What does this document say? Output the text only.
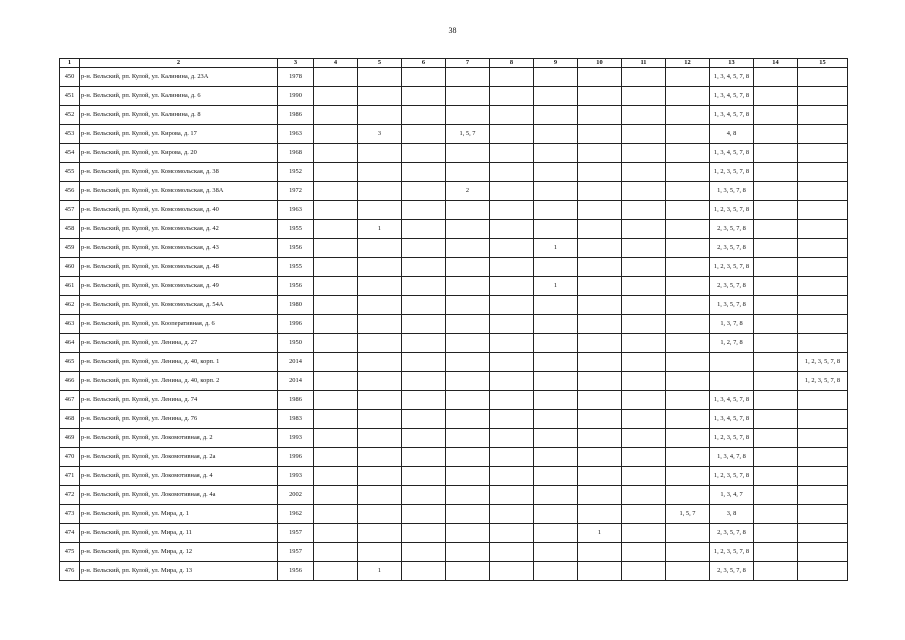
38
1	2	3	4	5	6	7	8	9	10	11	12	13	14	15
450	р-н. Вельский, рп. Кулой, ул. Калинина, д. 23А	1978										1, 3, 4, 5, 7, 8		
451	р-н. Вельский, рп. Кулой, ул. Калинина, д. 6	1990										1, 3, 4, 5, 7, 8		
452	р-н. Вельский, рп. Кулой, ул. Калинина, д. 8	1986										1, 3, 4, 5, 7, 8		
453	р-н. Вельский, рп. Кулой, ул. Кирова, д. 17	1963		3		1, 5, 7						4, 8		
454	р-н. Вельский, рп. Кулой, ул. Кирова, д. 20	1968										1, 3, 4, 5, 7, 8		
455	р-н. Вельский, рп. Кулой, ул. Комсомольская, д. 38	1952										1, 2, 3, 5, 7, 8		
456	р-н. Вельский, рп. Кулой, ул. Комсомольская, д. 38А	1972				2						1, 3, 5, 7, 8		
457	р-н. Вельский, рп. Кулой, ул. Комсомольская, д. 40	1963										1, 2, 3, 5, 7, 8		
458	р-н. Вельский, рп. Кулой, ул. Комсомольская, д. 42	1955		1								2, 3, 5, 7, 8		
459	р-н. Вельский, рп. Кулой, ул. Комсомольская, д. 43	1956						1				2, 3, 5, 7, 8		
460	р-н. Вельский, рп. Кулой, ул. Комсомольская, д. 48	1955										1, 2, 3, 5, 7, 8		
461	р-н. Вельский, рп. Кулой, ул. Комсомольская, д. 49	1956						1				2, 3, 5, 7, 8		
462	р-н. Вельский, рп. Кулой, ул. Комсомольская, д. 54А	1980										1, 3, 5, 7, 8		
463	р-н. Вельский, рп. Кулой, ул. Кооперативная, д. 6	1996										1, 3, 7, 8		
464	р-н. Вельский, рп. Кулой, ул. Ленина, д. 27	1950										1, 2, 7, 8		
465	р-н. Вельский, рп. Кулой, ул. Ленина, д. 40, корп. 1	2014												1, 2, 3, 5, 7, 8
466	р-н. Вельский, рп. Кулой, ул. Ленина, д. 40, корп. 2	2014												1, 2, 3, 5, 7, 8
467	р-н. Вельский, рп. Кулой, ул. Ленина, д. 74	1986										1, 3, 4, 5, 7, 8		
468	р-н. Вельский, рп. Кулой, ул. Ленина, д. 76	1983										1, 3, 4, 5, 7, 8		
469	р-н. Вельский, рп. Кулой, ул. Локомотивная, д. 2	1993										1, 2, 3, 5, 7, 8		
470	р-н. Вельский, рп. Кулой, ул. Локомотивная, д. 2а	1996										1, 3, 4, 7, 8		
471	р-н. Вельский, рп. Кулой, ул. Локомотивная, д. 4	1993										1, 2, 3, 5, 7, 8		
472	р-н. Вельский, рп. Кулой, ул. Локомотивная, д. 4а	2002										1, 3, 4, 7		
473	р-н. Вельский, рп. Кулой, ул. Мира, д. 1	1962									1, 5, 7	3, 8		
474	р-н. Вельский, рп. Кулой, ул. Мира, д. 11	1957							1			2, 3, 5, 7, 8		
475	р-н. Вельский, рп. Кулой, ул. Мира, д. 12	1957										1, 2, 3, 5, 7, 8		
476	р-н. Вельский, рп. Кулой, ул. Мира, д. 13	1956		1								2, 3, 5, 7, 8		
